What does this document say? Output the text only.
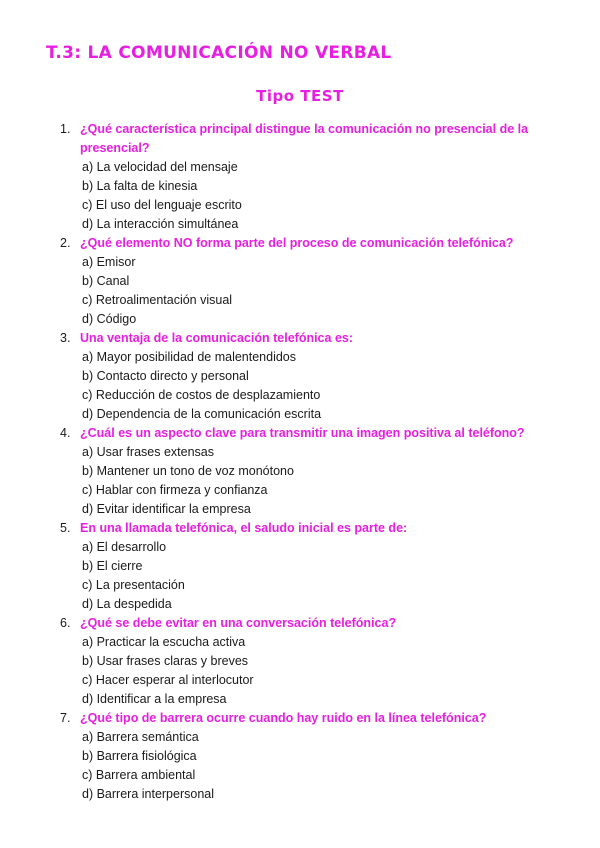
T.3: LA COMUNICACIÓN NO VERBAL
Tipo TEST
1. ¿Qué característica principal distingue la comunicación no presencial de la presencial?
a) La velocidad del mensaje
b) La falta de kinesia
c) El uso del lenguaje escrito
d) La interacción simultánea
2. ¿Qué elemento NO forma parte del proceso de comunicación telefónica?
a) Emisor
b) Canal
c) Retroalimentación visual
d) Código
3. Una ventaja de la comunicación telefónica es:
a) Mayor posibilidad de malentendidos
b) Contacto directo y personal
c) Reducción de costos de desplazamiento
d) Dependencia de la comunicación escrita
4. ¿Cuál es un aspecto clave para transmitir una imagen positiva al teléfono?
a) Usar frases extensas
b) Mantener un tono de voz monótono
c) Hablar con firmeza y confianza
d) Evitar identificar la empresa
5. En una llamada telefónica, el saludo inicial es parte de:
a) El desarrollo
b) El cierre
c) La presentación
d) La despedida
6. ¿Qué se debe evitar en una conversación telefónica?
a) Practicar la escucha activa
b) Usar frases claras y breves
c) Hacer esperar al interlocutor
d) Identificar a la empresa
7. ¿Qué tipo de barrera ocurre cuando hay ruido en la línea telefónica?
a) Barrera semántica
b) Barrera fisiológica
c) Barrera ambiental
d) Barrera interpersonal
